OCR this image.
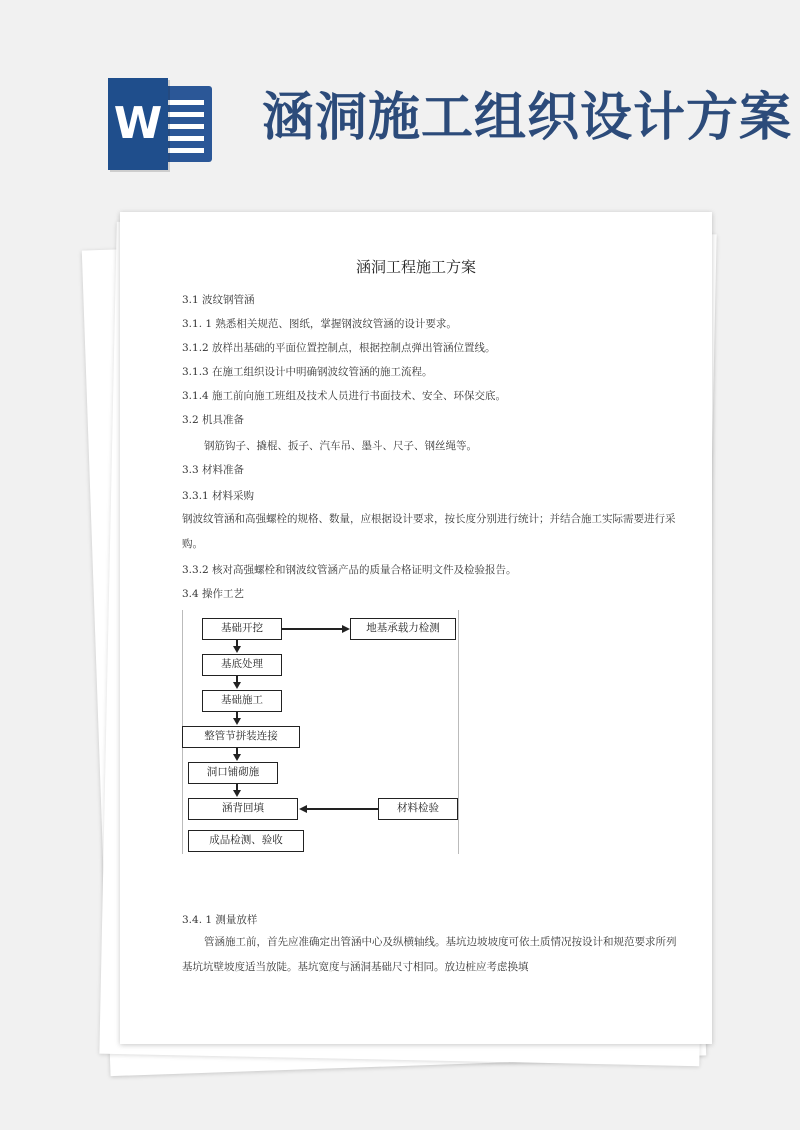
W 涵洞施工组织设计方案
涵洞工程施工方案
3.1 波纹钢管涵
3.1. 1 熟悉相关规范、图纸，掌握钢波纹管涵的设计要求。
3.1.2 放样出基础的平面位置控制点，根据控制点弹出管涵位置线。
3.1.3 在施工组织设计中明确钢波纹管涵的施工流程。
3.1.4 施工前向施工班组及技术人员进行书面技术、安全、环保交底。
3.2 机具准备
钢筋钩子、撬棍、扳子、汽车吊、墨斗、尺子、钢丝绳等。
3.3 材料准备
3.3.1 材料采购
钢波纹管涵和高强螺栓的规格、数量，应根据设计要求，按长度分别进行统计；并结合施工实际需要进行采购。
3.3.2 核对高强螺栓和钢波纹管涵产品的质量合格证明文件及检验报告。
3.4 操作工艺
基础开挖	地基承载力检测
基底处理
基础施工
整管节拼装连接
洞口铺砌施
涵背回填	材料检验
成品检测、验收
3.4. 1 测量放样
管涵施工前，首先应准确定出管涵中心及纵横轴线。基坑边坡坡度可依土质情况按设计和规范要求所列基坑坑壁坡度适当放陡。基坑宽度与涵洞基础尺寸相同。放边桩应考虑换填
